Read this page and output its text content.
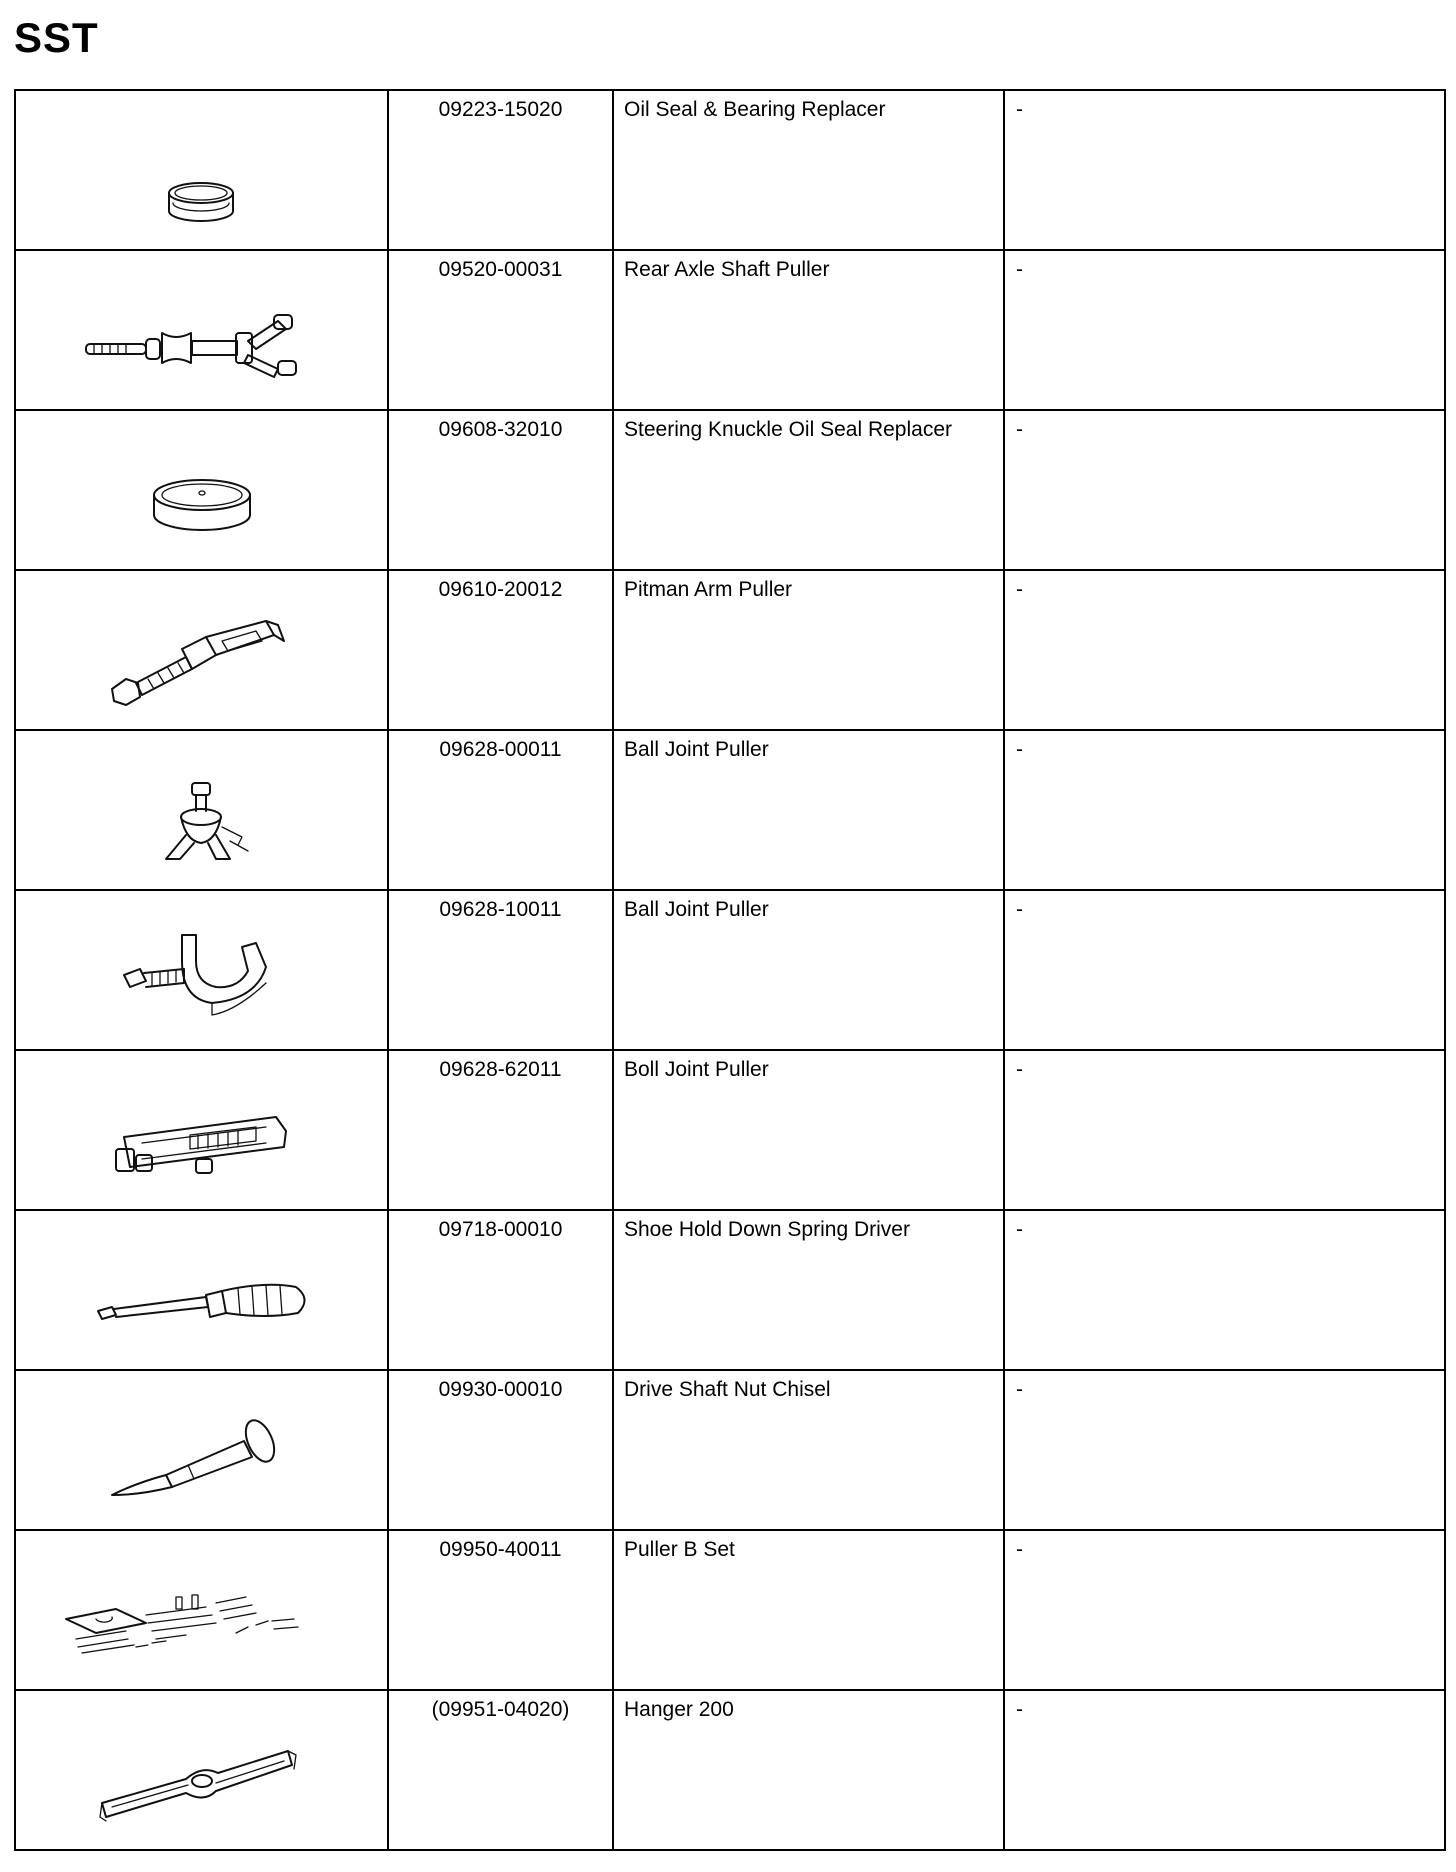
SST

09223-15020	Oil Seal & Bearing Replacer	-

09520-00031	Rear Axle Shaft Puller	-

09608-32010	Steering Knuckle Oil Seal Replacer	-

09610-20012	Pitman Arm Puller	-

09628-00011	Ball Joint Puller	-

09628-10011	Ball Joint Puller	-

09628-62011	Boll Joint Puller	-

09718-00010	Shoe Hold Down Spring Driver	-

09930-00010	Drive Shaft Nut Chisel	-

09950-40011	Puller B Set	-

(09951-04020)	Hanger 200	-
